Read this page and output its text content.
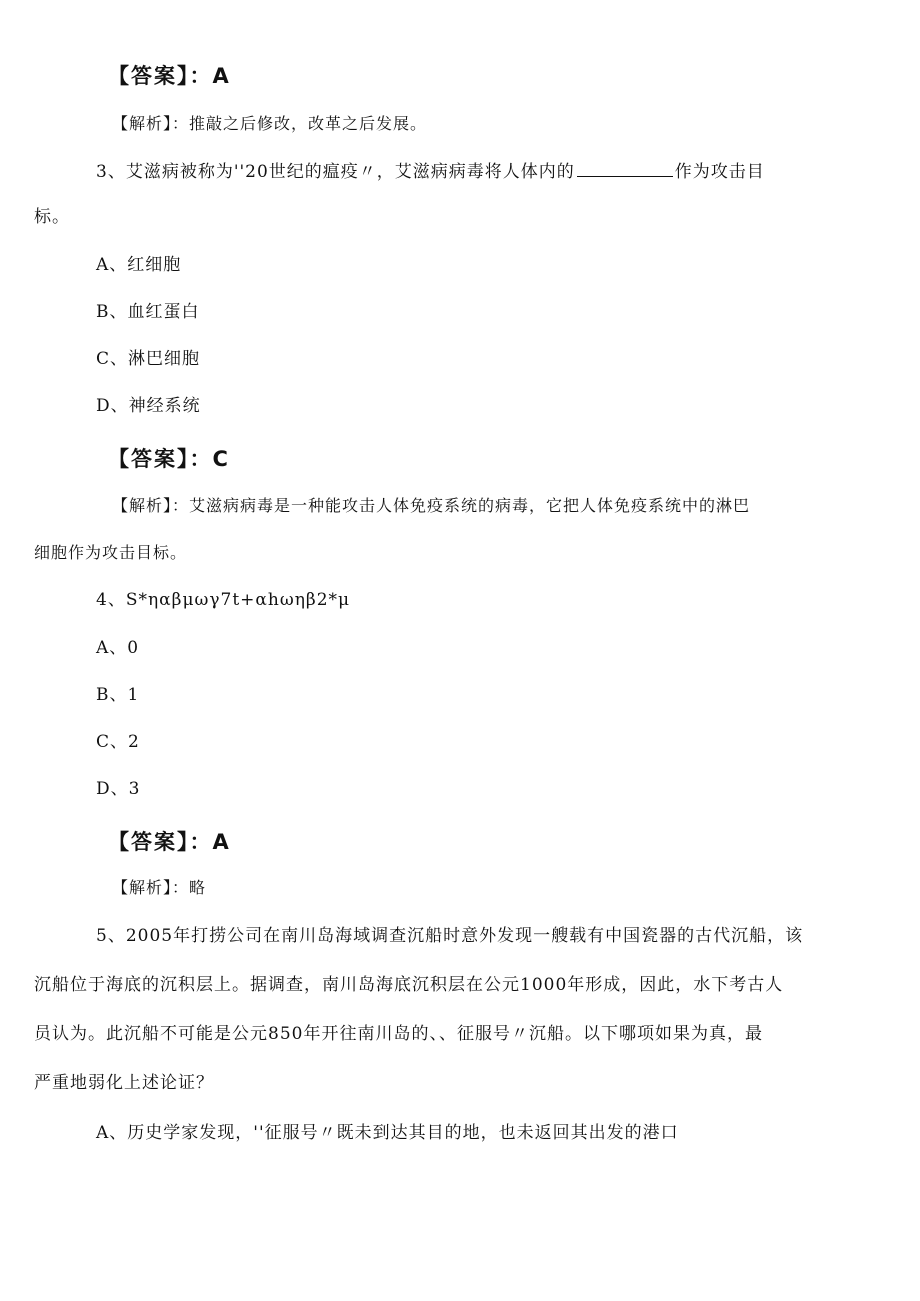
【答案】：A
【解析】：推敲之后修改，改革之后发展。
3、艾滋病被称为''20世纪的瘟疫〃，艾滋病病毒将人体内的	作为攻击目
标。
A、红细胞
B、血红蛋白
C、淋巴细胞
D、神经系统
【答案】：C
【解析】：艾滋病病毒是一种能攻击人体免疫系统的病毒，它把人体免疫系统中的淋巴
细胞作为攻击目标。
4、S*ηαβμωγ7t+αhωηβ2*μ
A、0
B、1
C、2
D、3
【答案】：A
【解析】：略
5、2005年打捞公司在南川岛海域调查沉船时意外发现一艘载有中国瓷器的古代沉船，该
沉船位于海底的沉积层上。据调查，南川岛海底沉积层在公元1000年形成，因此，水下考古人
员认为。此沉船不可能是公元850年开往南川岛的、、征服号〃沉船。以下哪项如果为真，最
严重地弱化上述论证？
A、历史学家发现，''征服号〃既未到达其目的地，也未返回其出发的港口
